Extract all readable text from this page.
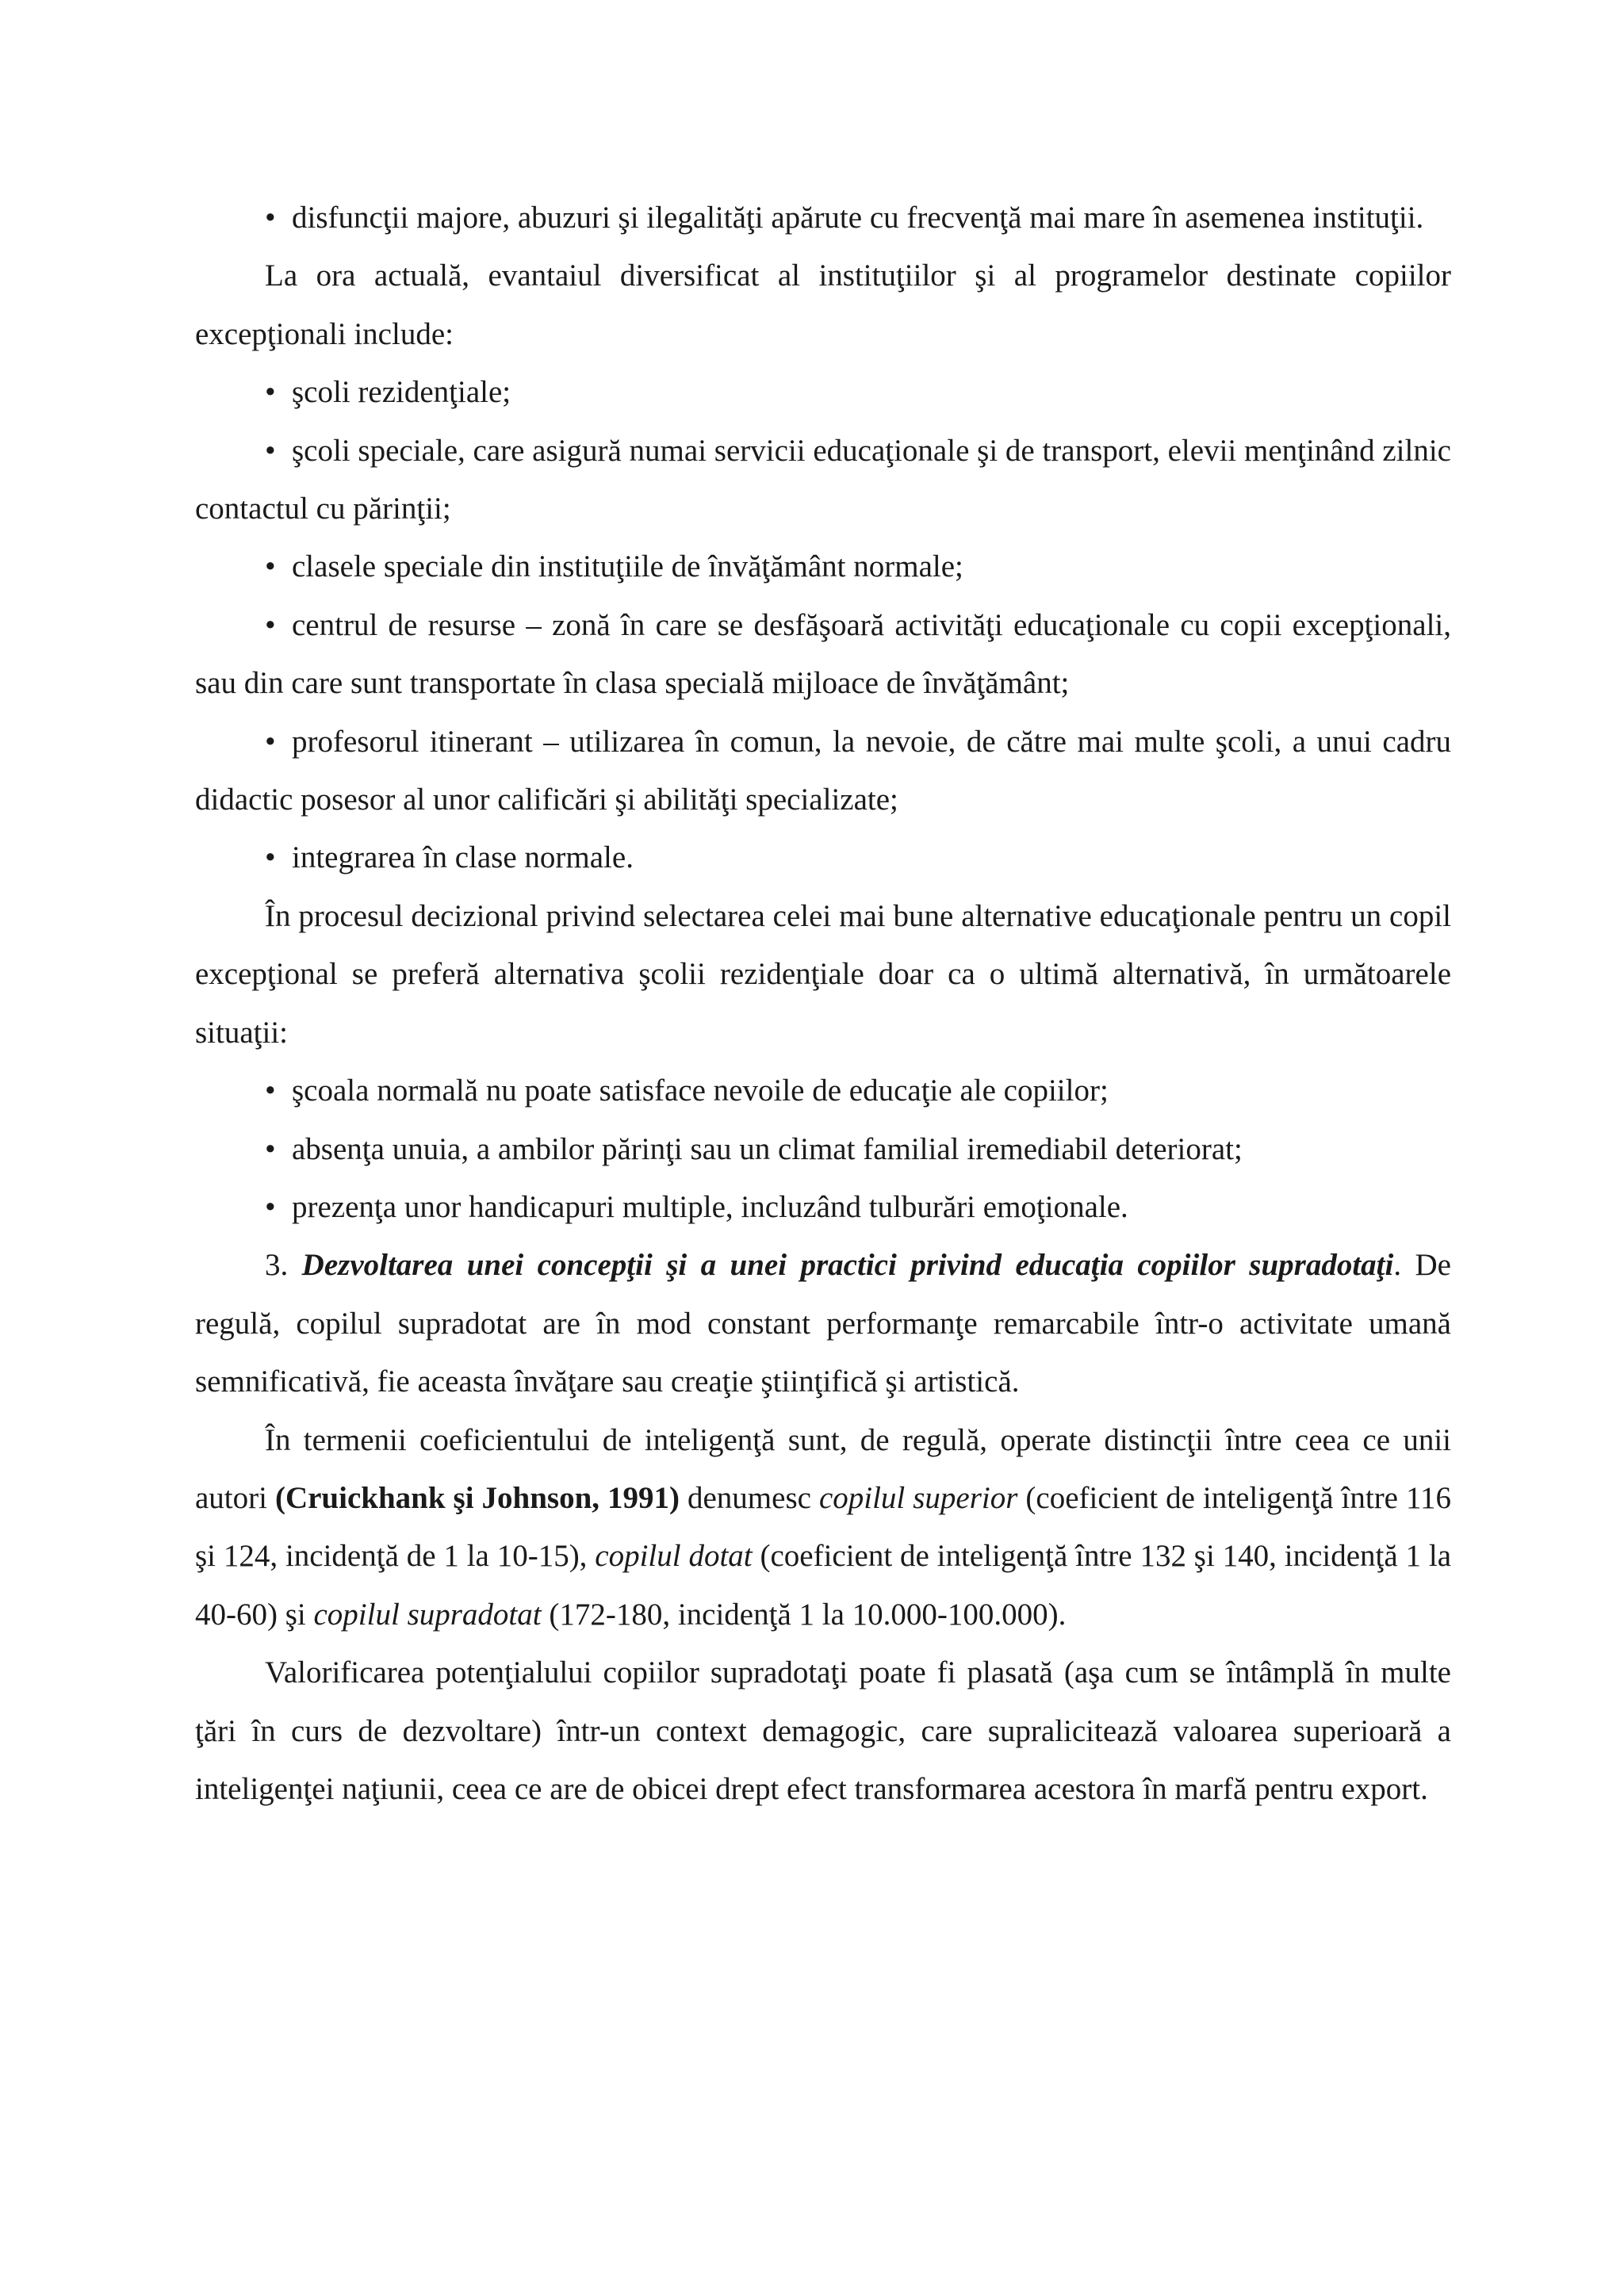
• disfuncţii majore, abuzuri şi ilegalităţi apărute cu frecvenţă mai mare în asemenea instituţii.

La ora actuală, evantaiul diversificat al instituţiilor şi al programelor destinate copiilor excepţionali include:

• şcoli rezidenţiale;

• şcoli speciale, care asigură numai servicii educaţionale şi de transport, elevii menţinând zilnic contactul cu părinţii;

• clasele speciale din instituţiile de învăţământ normale;

• centrul de resurse – zonă în care se desfăşoară activităţi educaţionale cu copii excepţionali, sau din care sunt transportate în clasa specială mijloace de învăţământ;

• profesorul itinerant – utilizarea în comun, la nevoie, de către mai multe şcoli, a unui cadru didactic posesor al unor calificări şi abilităţi specializate;

• integrarea în clase normale.

În procesul decizional privind selectarea celei mai bune alternative educaţionale pentru un copil excepţional se preferă alternativa şcolii rezidenţiale doar ca o ultimă alternativă, în următoarele situaţii:

• şcoala normală nu poate satisface nevoile de educaţie ale copiilor;

• absenţa unuia, a ambilor părinţi sau un climat familial iremediabil deteriorat;

• prezenţa unor handicapuri multiple, incluzând tulburări emoţionale.

3. Dezvoltarea unei concepţii şi a unei practici privind educaţia copiilor supradotaţi. De regulă, copilul supradotat are în mod constant performanţe remarcabile într-o activitate umană semnificativă, fie aceasta învăţare sau creaţie ştiinţifică şi artistică.

În termenii coeficientului de inteligenţă sunt, de regulă, operate distincţii între ceea ce unii autori (Cruickhank şi Johnson, 1991) denumesc copilul superior (coeficient de inteligenţă între 116 şi 124, incidenţă de 1 la 10-15), copilul dotat (coeficient de inteligenţă între 132 şi 140, incidenţă 1 la 40-60) şi copilul supradotat (172-180, incidenţă 1 la 10.000-100.000).

Valorificarea potenţialului copiilor supradotaţi poate fi plasată (aşa cum se întâmplă în multe ţări în curs de dezvoltare) într-un context demagogic, care supralicitează valoarea superioară a inteligenţei naţiunii, ceea ce are de obicei drept efect transformarea acestora în marfă pentru export.
